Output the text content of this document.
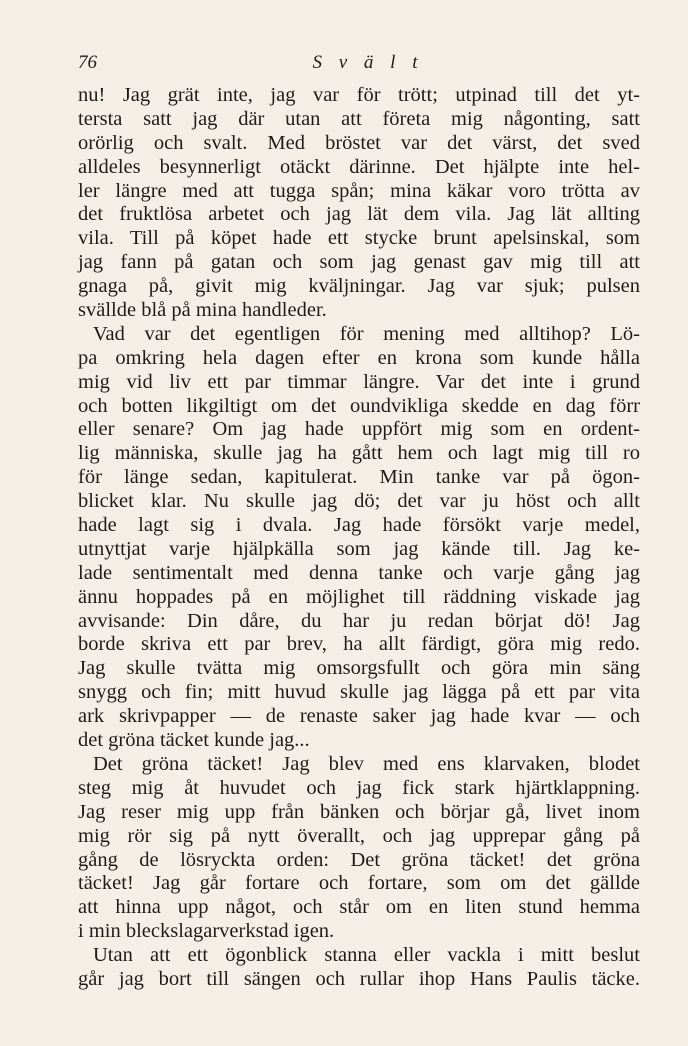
76	S v ä l t
nu! Jag grät inte, jag var för trött; utpinad till det yt-
tersta satt jag där utan att företa mig någonting, satt
orörlig och svalt. Med bröstet var det värst, det sved
alldeles besynnerligt otäckt därinne. Det hjälpte inte hel-
ler längre med att tugga spån; mina käkar voro trötta av
det fruktlösa arbetet och jag lät dem vila. Jag lät allting
vila. Till på köpet hade ett stycke brunt apelsinskal, som
jag fann på gatan och som jag genast gav mig till att
gnaga på, givit mig kväljningar. Jag var sjuk; pulsen
svällde blå på mina handleder.
Vad var det egentligen för mening med alltihop? Lö-
pa omkring hela dagen efter en krona som kunde hålla
mig vid liv ett par timmar längre. Var det inte i grund
och botten likgiltigt om det oundvikliga skedde en dag förr
eller senare? Om jag hade uppfört mig som en ordent-
lig människa, skulle jag ha gått hem och lagt mig till ro
för länge sedan, kapitulerat. Min tanke var på ögon-
blicket klar. Nu skulle jag dö; det var ju höst och allt
hade lagt sig i dvala. Jag hade försökt varje medel,
utnyttjat varje hjälpkälla som jag kände till. Jag ke-
lade sentimentalt med denna tanke och varje gång jag
ännu hoppades på en möjlighet till räddning viskade jag
avvisande: Din dåre, du har ju redan börjat dö! Jag
borde skriva ett par brev, ha allt färdigt, göra mig redo.
Jag skulle tvätta mig omsorgsfullt och göra min säng
snygg och fin; mitt huvud skulle jag lägga på ett par vita
ark skrivpapper — de renaste saker jag hade kvar — och
det gröna täcket kunde jag...
Det gröna täcket! Jag blev med ens klarvaken, blodet
steg mig åt huvudet och jag fick stark hjärtklappning.
Jag reser mig upp från bänken och börjar gå, livet inom
mig rör sig på nytt överallt, och jag upprepar gång på
gång de lösryckta orden: Det gröna täcket! det gröna
täcket! Jag går fortare och fortare, som om det gällde
att hinna upp något, och står om en liten stund hemma
i min bleckslagarverkstad igen.
Utan att ett ögonblick stanna eller vackla i mitt beslut
går jag bort till sängen och rullar ihop Hans Paulis täcke.
